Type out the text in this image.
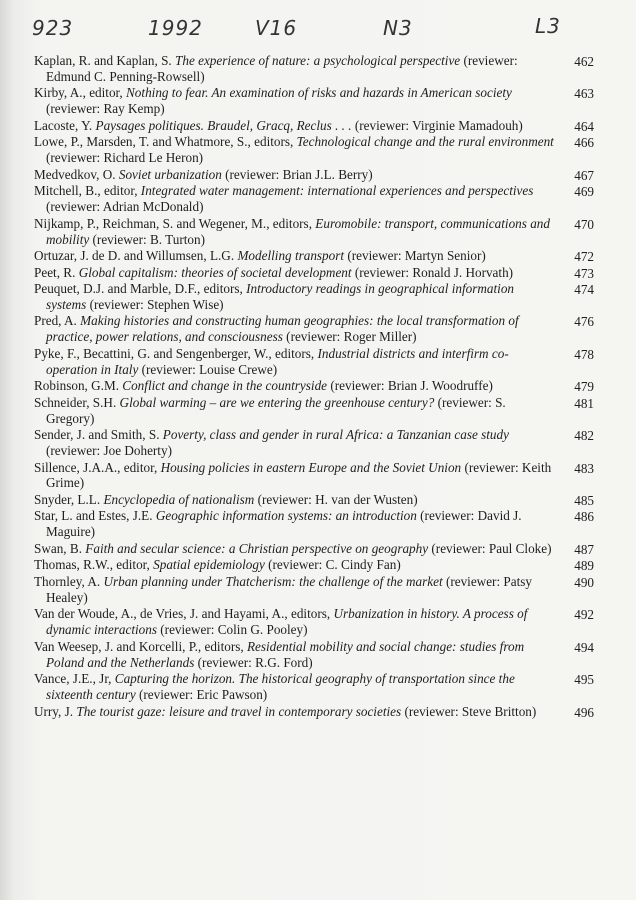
923	1992	V16	N3	L3
Kaplan, R. and Kaplan, S. The experience of nature: a psychological perspective (reviewer: Edmund C. Penning-Rowsell)
462
Kirby, A., editor, Nothing to fear. An examination of risks and hazards in American society (reviewer: Ray Kemp)
463
Lacoste, Y. Paysages politiques. Braudel, Gracq, Reclus . . . (reviewer: Virginie Mamadouh)	464
Lowe, P., Marsden, T. and Whatmore, S., editors, Technological change and the rural environment (reviewer: Richard Le Heron)
466
Medvedkov, O. Soviet urbanization (reviewer: Brian J.L. Berry)	467
Mitchell, B., editor, Integrated water management: international experiences and perspectives (reviewer: Adrian McDonald)
469
Nijkamp, P., Reichman, S. and Wegener, M., editors, Euromobile: transport, communications and mobility (reviewer: B. Turton)
470
Ortuzar, J. de D. and Willumsen, L.G. Modelling transport (reviewer: Martyn Senior)	472
Peet, R. Global capitalism: theories of societal development (reviewer: Ronald J. Horvath)	473
Peuquet, D.J. and Marble, D.F., editors, Introductory readings in geographical information systems (reviewer: Stephen Wise)
474
Pred, A. Making histories and constructing human geographies: the local transformation of practice, power relations, and consciousness (reviewer: Roger Miller)
476
Pyke, F., Becattini, G. and Sengenberger, W., editors, Industrial districts and interfirm co-operation in Italy (reviewer: Louise Crewe)
478
Robinson, G.M. Conflict and change in the countryside (reviewer: Brian J. Woodruffe)	479
Schneider, S.H. Global warming – are we entering the greenhouse century? (reviewer: S. Gregory)
481
Sender, J. and Smith, S. Poverty, class and gender in rural Africa: a Tanzanian case study (reviewer: Joe Doherty)
482
Sillence, J.A.A., editor, Housing policies in eastern Europe and the Soviet Union (reviewer: Keith Grime)
483
Snyder, L.L. Encyclopedia of nationalism (reviewer: H. van der Wusten)	485
Star, L. and Estes, J.E. Geographic information systems: an introduction (reviewer: David J. Maguire)
486
Swan, B. Faith and secular science: a Christian perspective on geography (reviewer: Paul Cloke) 487
Thomas, R.W., editor, Spatial epidemiology (reviewer: C. Cindy Fan)	489
Thornley, A. Urban planning under Thatcherism: the challenge of the market (reviewer: Patsy Healey)
490
Van der Woude, A., de Vries, J. and Hayami, A., editors, Urbanization in history. A process of dynamic interactions (reviewer: Colin G. Pooley)
492
Van Weesep, J. and Korcelli, P., editors, Residential mobility and social change: studies from Poland and the Netherlands (reviewer: R.G. Ford)
494
Vance, J.E., Jr, Capturing the horizon. The historical geography of transportation since the sixteenth century (reviewer: Eric Pawson)
495
Urry, J. The tourist gaze: leisure and travel in contemporary societies (reviewer: Steve Britton)	496
